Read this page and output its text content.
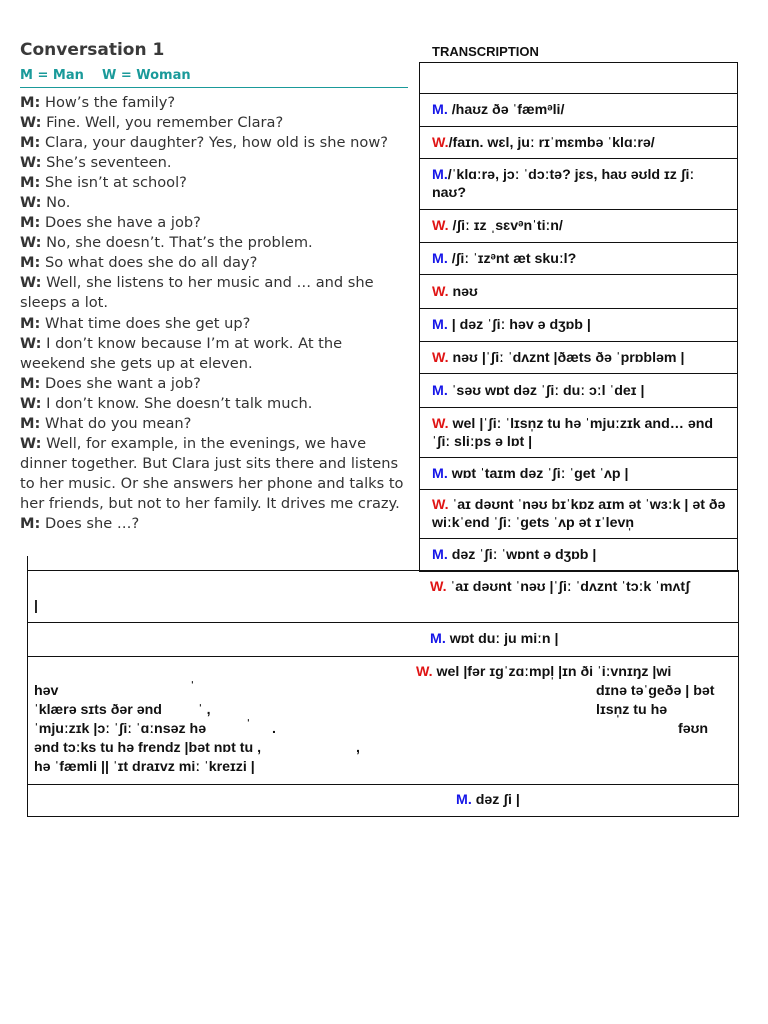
Conversation 1
M = Man    W = Woman
M: How’s the family?
W: Fine. Well, you remember Clara?
M: Clara, your daughter? Yes, how old is she now?
W: She’s seventeen.
M: She isn’t at school?
W: No.
M: Does she have a job?
W: No, she doesn’t. That’s the problem.
M: So what does she do all day?
W: Well, she listens to her music and … and she sleeps a lot.
M: What time does she get up?
W: I don’t know because I’m at work. At the weekend she gets up at eleven.
M: Does she want a job?
W: I don’t know. She doesn’t talk much.
M: What do you mean?
W: Well, for example, in the evenings, we have dinner together. But Clara just sits there and listens to her music. Or she answers her phone and talks to her friends, but not to her family. It drives me crazy.
M: Does she …?
TRANSCRIPTION
M. /haʊz ðə ˈfæmᵊli/
W./faɪn. wɛl, juː rɪˈmɛmbə ˈklɑːrə/
M./ˈklɑːrə, jɔː ˈdɔːtə? jɛs, haʊ əʊld ɪz ʃiː naʊ?
W. /ʃiː ɪz ˌsɛvᵊnˈtiːn/
M. /ʃiː ˈɪzᵊnt æt skuːl?
W. nəʊ
M. | dəz ˈʃiː həv ə dʒɒb |
W. nəʊ |ˈʃiː ˈdʌznt |ðæts ðə ˈprɒbləm |
M. ˈsəʊ wɒt dəz ˈʃiː duː ɔːl ˈdeɪ |
W. wel |ˈʃiː ˈlɪsn̩z tu hə ˈmjuːzɪk and… ənd ˈʃiː sliːps ə lɒt |
M. wɒt ˈtaɪm dəz ˈʃiː ˈget ˈʌp |
W. ˈaɪ dəʊnt ˈnəʊ bɪˈkɒz aɪm ət ˈwɜːk | ət ðə wiːkˈend ˈʃiː ˈgets ˈʌp ət ɪˈlevn̩
M. dəz ˈʃiː ˈwɒnt ə dʒɒb |
W. ˈaɪ dəʊnt ˈnəʊ |ˈʃiː ˈdʌznt ˈtɔːk ˈmʌtʃ
|
M. wɒt duː ju miːn |
W. wel |fər ɪɡˈzɑːmpl̩ |ɪn ði ˈiːvnɪŋz |wi
həv	ˈ	dɪnə təˈgeðə | bət
ˈklærə sɪts ðər ənd	ˈ ,	lɪsn̩z tu hə
ˈmjuːzɪk |ɔː ˈʃiː ˈɑːnsəz hə	ˈ .	fəʊn
ənd tɔːks tu hə frendz |bət nɒt tu ,	,
hə ˈfæmli || ˈɪt draɪvz miː ˈkreɪzi |
M. dəz ʃi |
